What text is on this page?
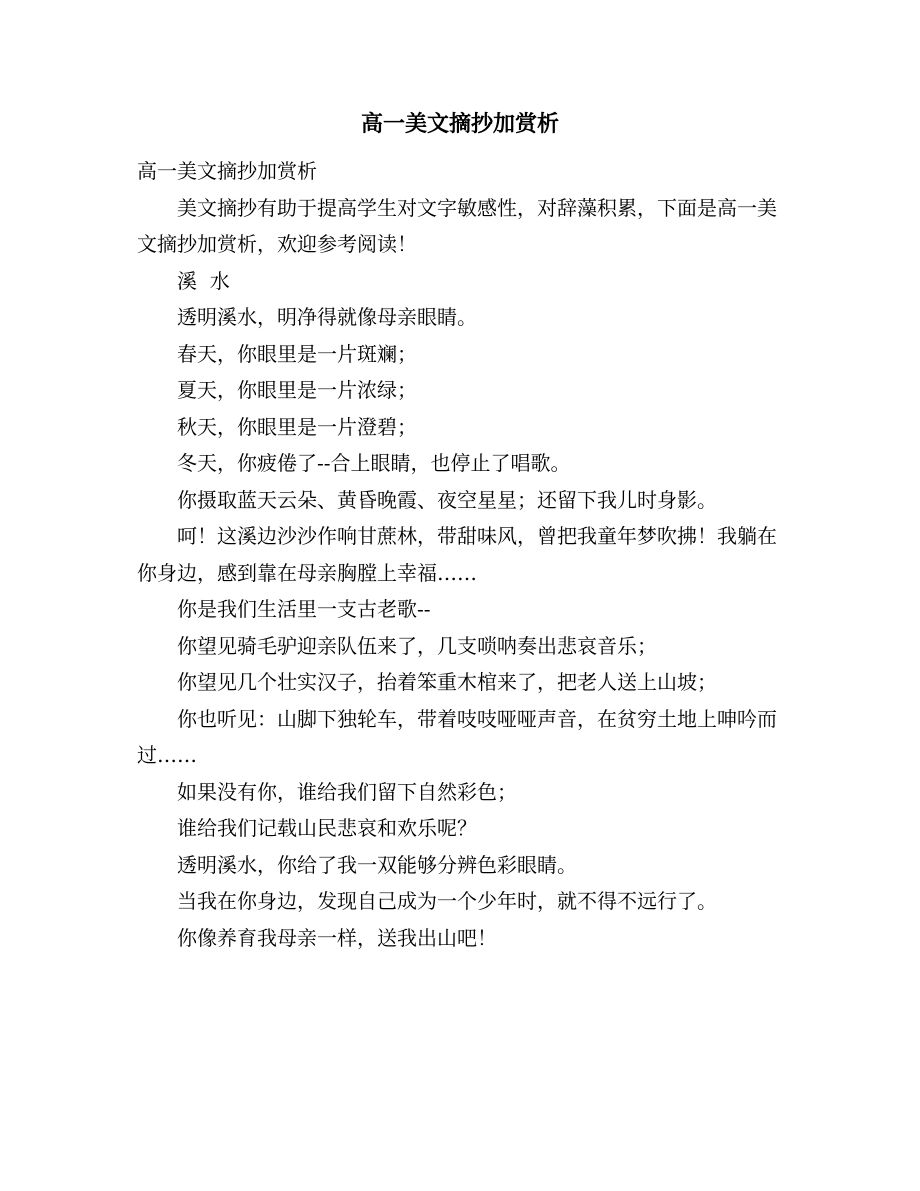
高一美文摘抄加赏析

高一美文摘抄加赏析

美文摘抄有助于提高学生对文字敏感性，对辞藻积累，下面是高一美文摘抄加赏析，欢迎参考阅读！

溪  水

透明溪水，明净得就像母亲眼睛。

春天，你眼里是一片斑斓；

夏天，你眼里是一片浓绿；

秋天，你眼里是一片澄碧；

冬天，你疲倦了--合上眼睛，也停止了唱歌。

你摄取蓝天云朵、黄昏晚霞、夜空星星；还留下我儿时身影。

呵！这溪边沙沙作响甘蔗林，带甜味风，曾把我童年梦吹拂！我躺在你身边，感到靠在母亲胸膛上幸福……

你是我们生活里一支古老歌--

你望见骑毛驴迎亲队伍来了，几支唢呐奏出悲哀音乐；

你望见几个壮实汉子，抬着笨重木棺来了，把老人送上山坡；

你也听见：山脚下独轮车，带着吱吱哑哑声音，在贫穷土地上呻吟而过……

如果没有你，谁给我们留下自然彩色；

谁给我们记载山民悲哀和欢乐呢？

透明溪水，你给了我一双能够分辨色彩眼睛。

当我在你身边，发现自己成为一个少年时，就不得不远行了。

你像养育我母亲一样，送我出山吧！
